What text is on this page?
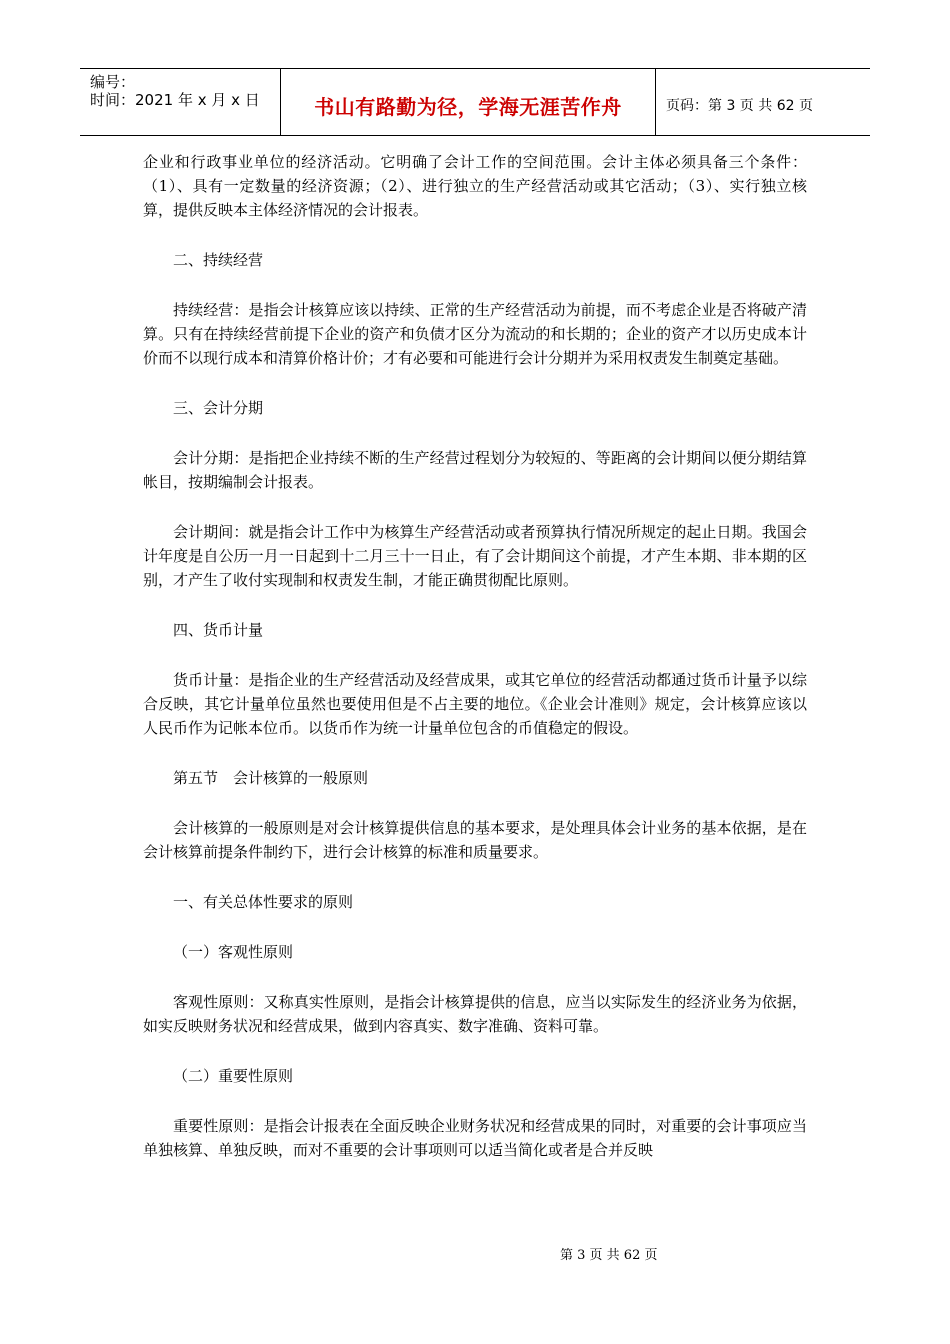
编号：
时间：2021 年 x 月 x 日	书山有路勤为径，学海无涯苦作舟	页码：第 3 页 共 62 页

企业和行政事业单位的经济活动。它明确了会计工作的空间范围。会计主体必须具备三个条件：（1）、具有一定数量的经济资源；（2）、进行独立的生产经营活动或其它活动；（3）、实行独立核算，提供反映本主体经济情况的会计报表。

二、持续经营

持续经营：是指会计核算应该以持续、正常的生产经营活动为前提，而不考虑企业是否将破产清算。只有在持续经营前提下企业的资产和负债才区分为流动的和长期的；企业的资产才以历史成本计价而不以现行成本和清算价格计价；才有必要和可能进行会计分期并为采用权责发生制奠定基础。

三、会计分期

会计分期：是指把企业持续不断的生产经营过程划分为较短的、等距离的会计期间以便分期结算帐目，按期编制会计报表。

会计期间：就是指会计工作中为核算生产经营活动或者预算执行情况所规定的起止日期。我国会计年度是自公历一月一日起到十二月三十一日止，有了会计期间这个前提，才产生本期、非本期的区别，才产生了收付实现制和权责发生制，才能正确贯彻配比原则。

四、货币计量

货币计量：是指企业的生产经营活动及经营成果，或其它单位的经营活动都通过货币计量予以综合反映，其它计量单位虽然也要使用但是不占主要的地位。《企业会计准则》规定，会计核算应该以人民币作为记帐本位币。以货币作为统一计量单位包含的币值稳定的假设。

第五节　会计核算的一般原则

会计核算的一般原则是对会计核算提供信息的基本要求，是处理具体会计业务的基本依据，是在会计核算前提条件制约下，进行会计核算的标准和质量要求。

一、有关总体性要求的原则

（一）客观性原则

客观性原则：又称真实性原则，是指会计核算提供的信息，应当以实际发生的经济业务为依据，如实反映财务状况和经营成果，做到内容真实、数字准确、资料可靠。

（二）重要性原则

重要性原则：是指会计报表在全面反映企业财务状况和经营成果的同时，对重要的会计事项应当单独核算、单独反映，而对不重要的会计事项则可以适当简化或者是合并反映

第 3 页 共 62 页
